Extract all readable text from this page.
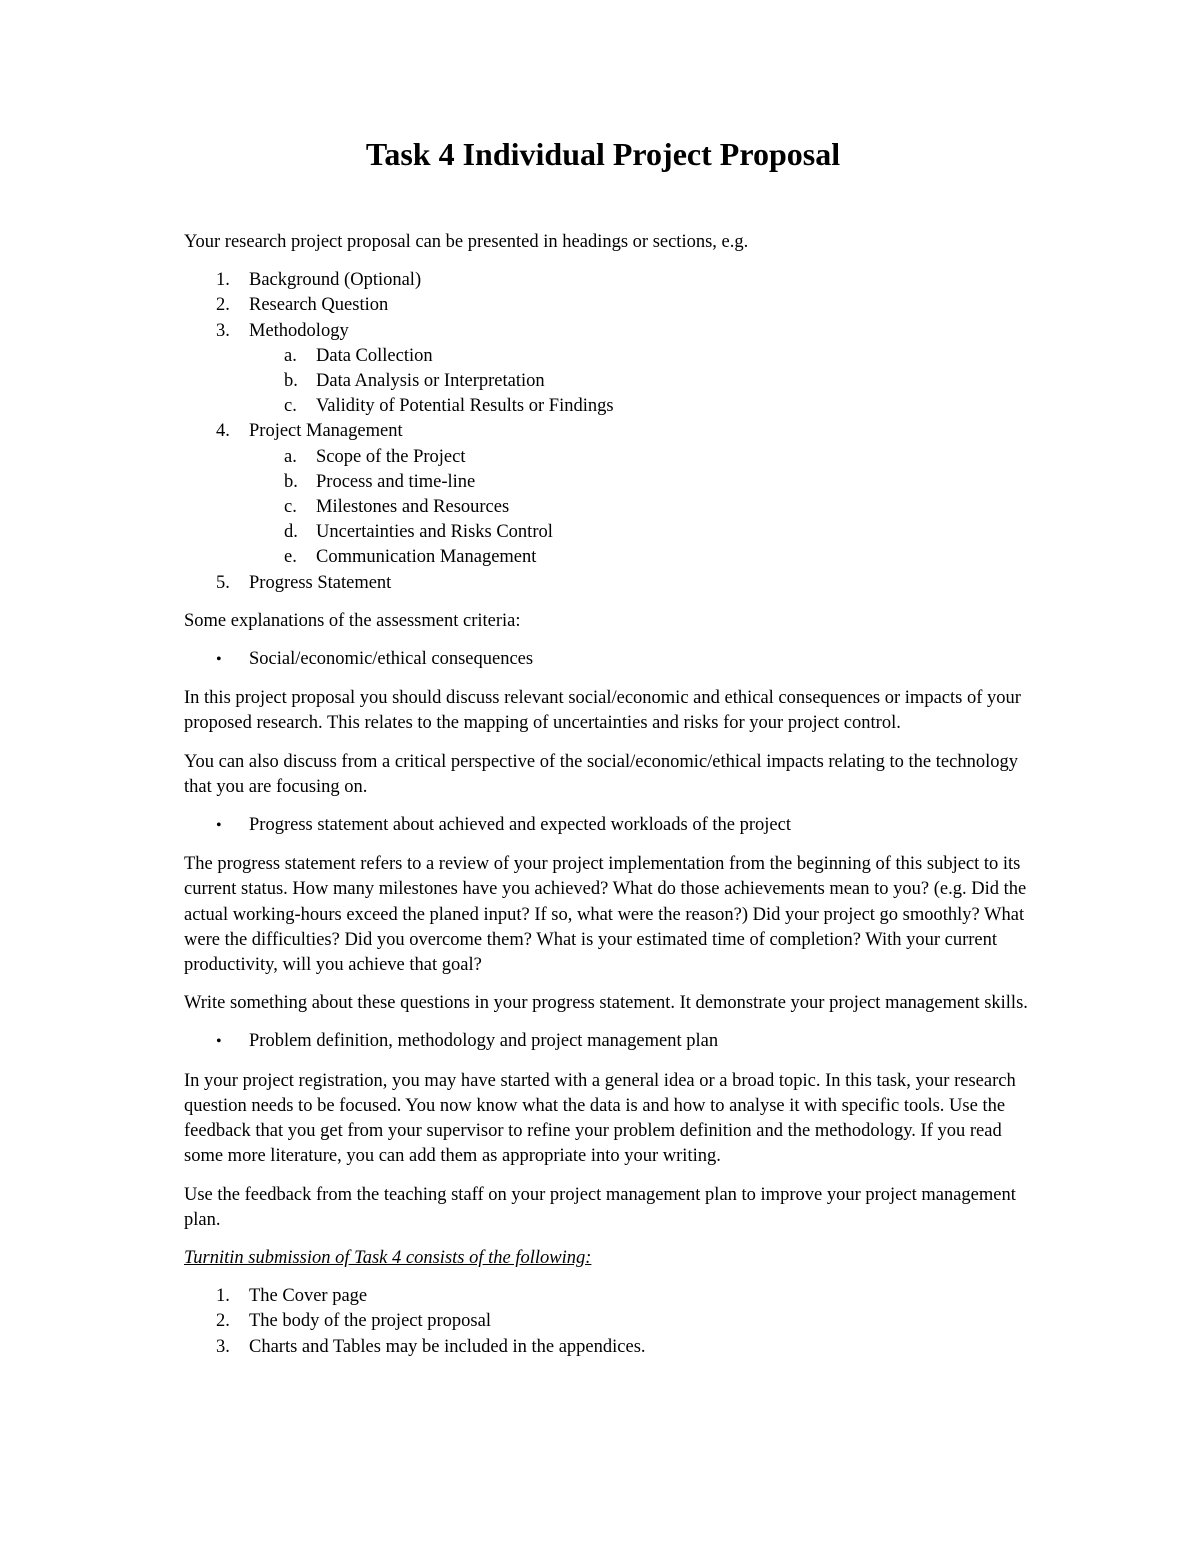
Task 4 Individual Project Proposal

Your research project proposal can be presented in headings or sections, e.g.

1. Background (Optional)
2. Research Question
3. Methodology
a. Data Collection
b. Data Analysis or Interpretation
c. Validity of Potential Results or Findings
4. Project Management
a. Scope of the Project
b. Process and time-line
c. Milestones and Resources
d. Uncertainties and Risks Control
e. Communication Management
5. Progress Statement

Some explanations of the assessment criteria:

• Social/economic/ethical consequences

In this project proposal you should discuss relevant social/economic and ethical consequences or impacts of your proposed research. This relates to the mapping of uncertainties and risks for your project control.

You can also discuss from a critical perspective of the social/economic/ethical impacts relating to the technology that you are focusing on.

• Progress statement about achieved and expected workloads of the project

The progress statement refers to a review of your project implementation from the beginning of this subject to its current status. How many milestones have you achieved? What do those achievements mean to you? (e.g. Did the actual working-hours exceed the planed input? If so, what were the reason?) Did your project go smoothly? What were the difficulties? Did you overcome them? What is your estimated time of completion? With your current productivity, will you achieve that goal?

Write something about these questions in your progress statement. It demonstrate your project management skills.

• Problem definition, methodology and project management plan

In your project registration, you may have started with a general idea or a broad topic. In this task, your research question needs to be focused. You now know what the data is and how to analyse it with specific tools. Use the feedback that you get from your supervisor to refine your problem definition and the methodology. If you read some more literature, you can add them as appropriate into your writing.

Use the feedback from the teaching staff on your project management plan to improve your project management plan.

Turnitin submission of Task 4 consists of the following:

1. The Cover page
2. The body of the project proposal
3. Charts and Tables may be included in the appendices.
